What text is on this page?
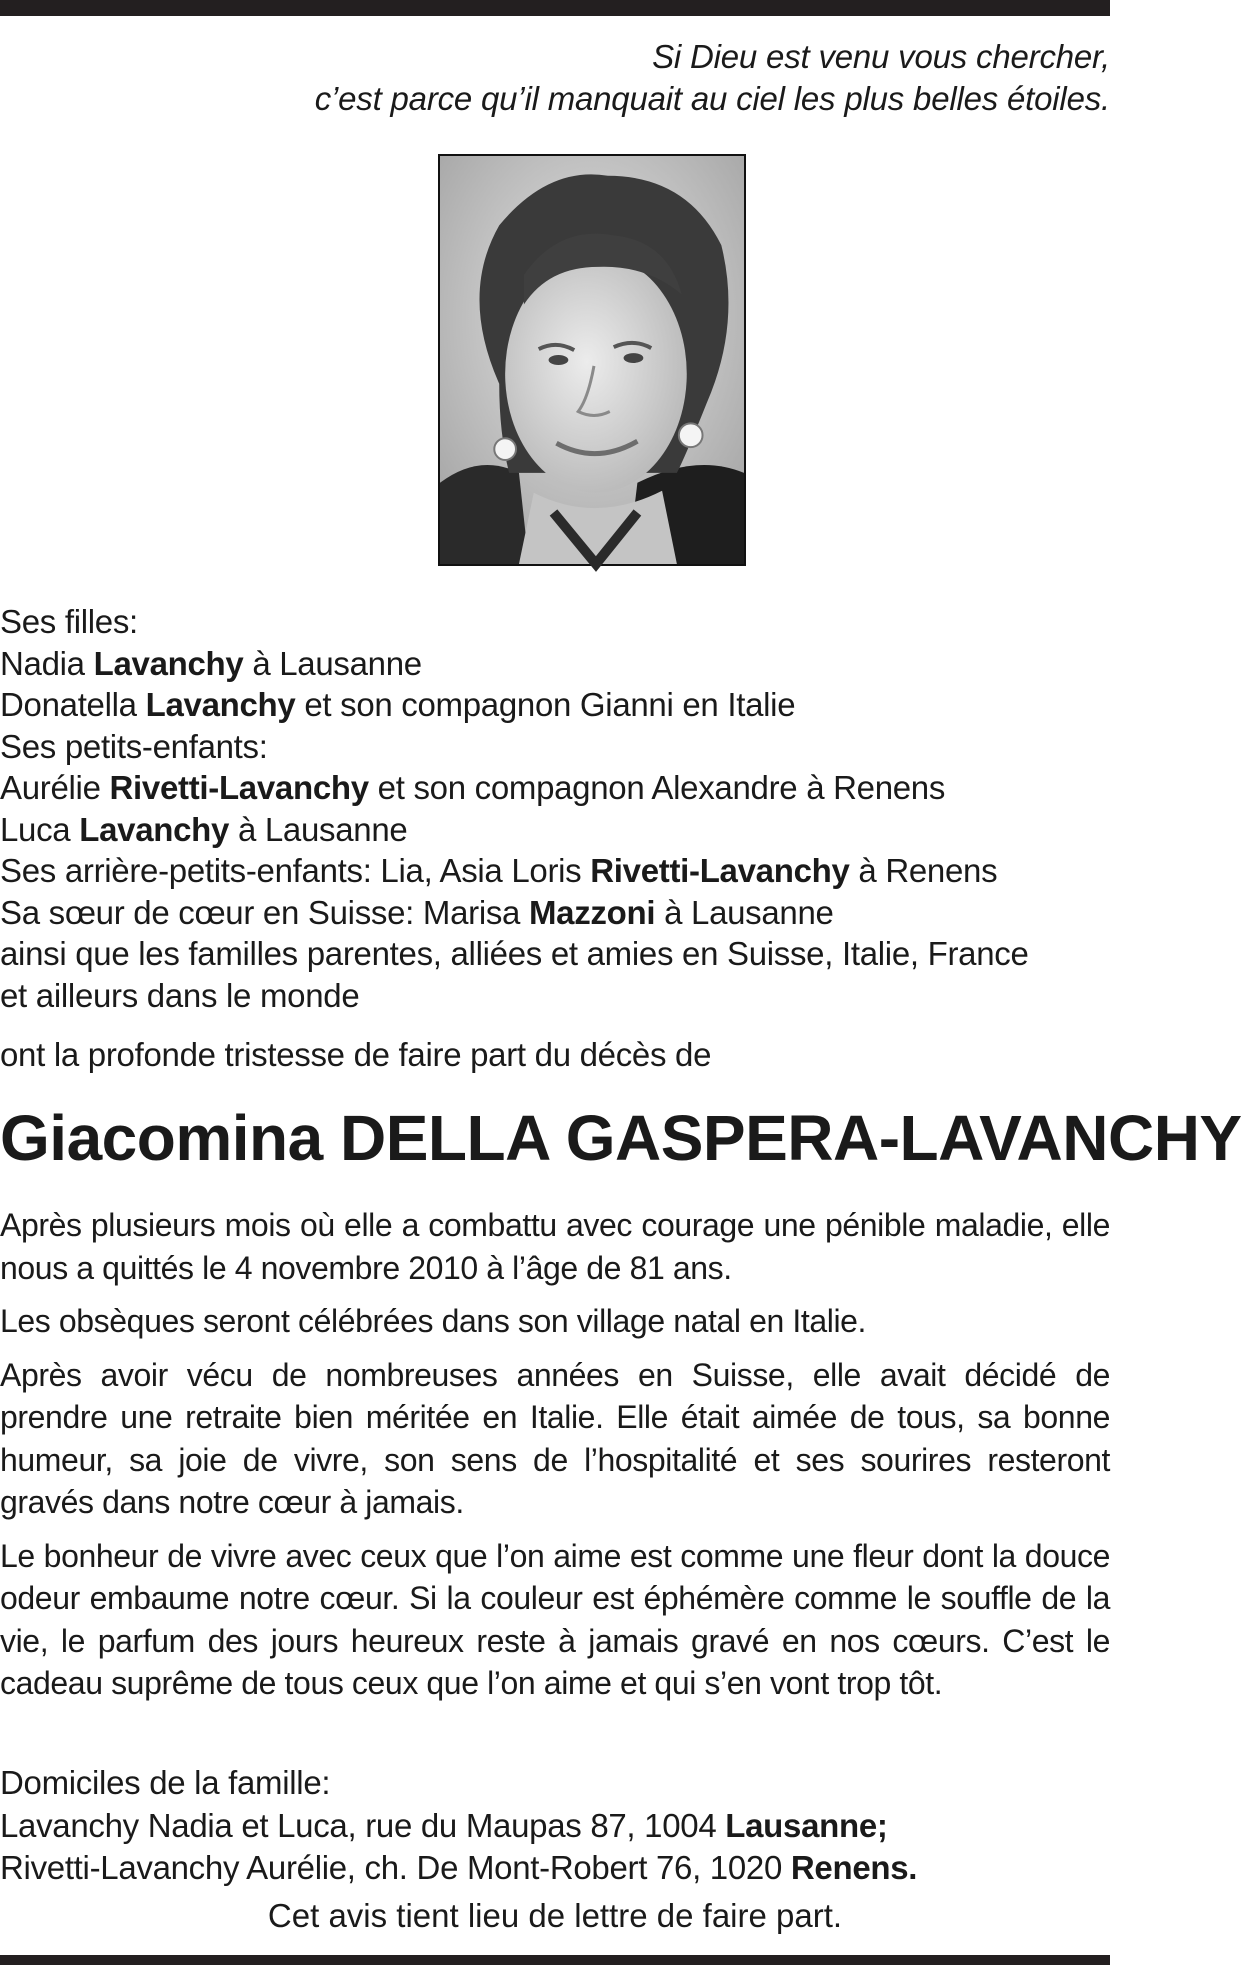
Si Dieu est venu vous chercher,
c’est parce qu’il manquait au ciel les plus belles étoiles.
Ses filles:
Nadia Lavanchy à Lausanne
Donatella Lavanchy et son compagnon Gianni en Italie
Ses petits-enfants:
Aurélie Rivetti-Lavanchy et son compagnon Alexandre à Renens
Luca Lavanchy à Lausanne
Ses arrière-petits-enfants: Lia, Asia Loris Rivetti-Lavanchy à Renens
Sa sœur de cœur en Suisse: Marisa Mazzoni à Lausanne
ainsi que les familles parentes, alliées et amies en Suisse, Italie, France
et ailleurs dans le monde
ont la profonde tristesse de faire part du décès de
Giacomina DELLA GASPERA-LAVANCHY

Après plusieurs mois où elle a combattu avec courage une pénible maladie, elle nous a quittés le 4 novembre 2010 à l’âge de 81 ans.

Les obsèques seront célébrées dans son village natal en Italie.

Après avoir vécu de nombreuses années en Suisse, elle avait décidé de prendre une retraite bien méritée en Italie. Elle était aimée de tous, sa bonne humeur, sa joie de vivre, son sens de l’hospitalité et ses sourires resteront gravés dans notre cœur à jamais.

Le bonheur de vivre avec ceux que l’on aime est comme une fleur dont la douce odeur embaume notre cœur. Si la couleur est éphémère comme le souffle de la vie, le parfum des jours heureux reste à jamais gravé en nos cœurs. C’est le cadeau suprême de tous ceux que l’on aime et qui s’en vont trop tôt.

Domiciles de la famille:
Lavanchy Nadia et Luca, rue du Maupas 87, 1004 Lausanne;
Rivetti-Lavanchy Aurélie, ch. De Mont-Robert 76, 1020 Renens.
Cet avis tient lieu de lettre de faire part.
